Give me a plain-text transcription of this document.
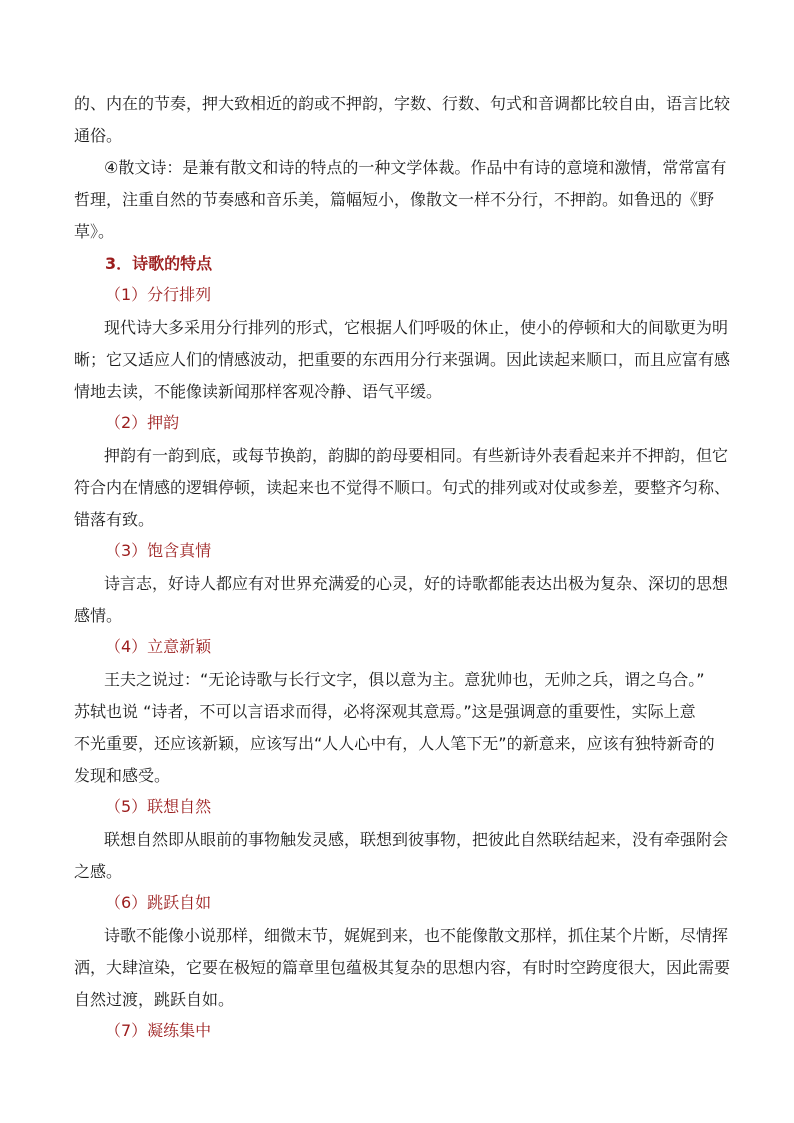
的、内在的节奏，押大致相近的韵或不押韵，字数、行数、句式和音调都比较自由，语言比较
通俗。
④散文诗：是兼有散文和诗的特点的一种文学体裁。作品中有诗的意境和激情，常常富有
哲理，注重自然的节奏感和音乐美，篇幅短小，像散文一样不分行，不押韵。如鲁迅的《野
草》。
3．诗歌的特点
（1）分行排列
现代诗大多采用分行排列的形式，它根据人们呼吸的休止，使小的停顿和大的间歇更为明
晰；它又适应人们的情感波动，把重要的东西用分行来强调。因此读起来顺口，而且应富有感
情地去读，不能像读新闻那样客观冷静、语气平缓。
（2）押韵
押韵有一韵到底，或每节换韵，韵脚的韵母要相同。有些新诗外表看起来并不押韵，但它
符合内在情感的逻辑停顿，读起来也不觉得不顺口。句式的排列或对仗或参差，要整齐匀称、
错落有致。
（3）饱含真情
诗言志，好诗人都应有对世界充满爱的心灵，好的诗歌都能表达出极为复杂、深切的思想
感情。
（4）立意新颖
王夫之说过：“无论诗歌与长行文字，俱以意为主。意犹帅也，无帅之兵，谓之乌合。”
苏轼也说 “诗者，不可以言语求而得，必将深观其意焉。”这是强调意的重要性，实际上意
不光重要，还应该新颖，应该写出“人人心中有，人人笔下无”的新意来，应该有独特新奇的
发现和感受。
（5）联想自然
联想自然即从眼前的事物触发灵感，联想到彼事物，把彼此自然联结起来，没有牵强附会
之感。
（6）跳跃自如
诗歌不能像小说那样，细微末节，娓娓到来，也不能像散文那样，抓住某个片断，尽情挥
洒，大肆渲染，它要在极短的篇章里包蕴极其复杂的思想内容，有时时空跨度很大，因此需要
自然过渡，跳跃自如。
（7）凝练集中
